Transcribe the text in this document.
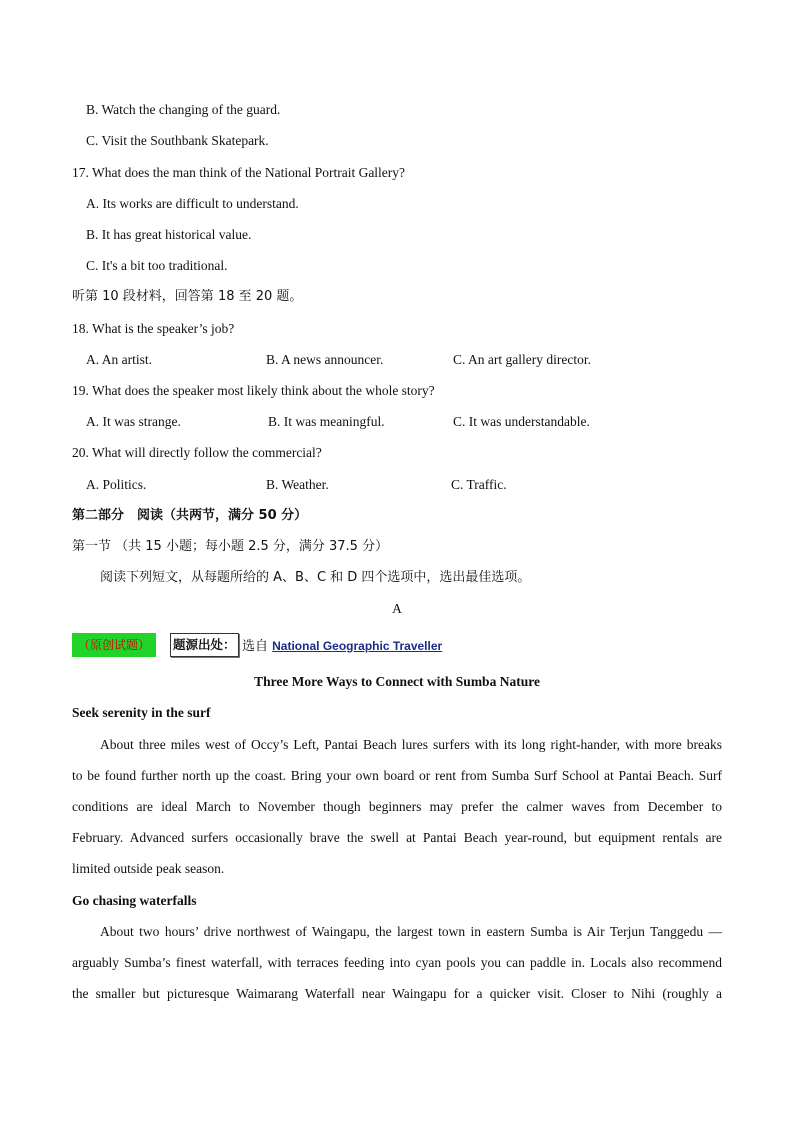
B. Watch the changing of the guard.
C. Visit the Southbank Skatepark.
17. What does the man think of the National Portrait Gallery?
A. Its works are difficult to understand.
B. It has great historical value.
C. It's a bit too traditional.
听第 10 段材料，回答第 18 至 20 题。
18. What is the speaker’s job?
A. An artist.	B. A news announcer.	C. An art gallery director.
19. What does the speaker most likely think about the whole story?
A. It was strange.	B. It was meaningful.	C. It was understandable.
20. What will directly follow the commercial?
A. Politics.	B. Weather.	C. Traffic.
第二部分　阅读（共两节，满分 50 分）
第一节 （共 15 小题；每小题 2.5 分，满分 37.5 分）
阅读下列短文，从每题所给的 A、B、C 和 D 四个选项中，选出最佳选项。
A
（原创试题）	题源出处： 选自 National Geographic Traveller
Three More Ways to Connect with Sumba Nature
Seek serenity in the surf
About three miles west of Occy’s Left, Pantai Beach lures surfers with its long right-hander, with more breaks
to be found further north up the coast. Bring your own board or rent from Sumba Surf School at Pantai Beach. Surf
conditions are ideal March to November though beginners may prefer the calmer waves from December to
February. Advanced surfers occasionally brave the swell at Pantai Beach year-round, but equipment rentals are
limited outside peak season.
Go chasing waterfalls
About two hours’ drive northwest of Waingapu, the largest town in eastern Sumba is Air Terjun Tanggedu —
arguably Sumba’s finest waterfall, with terraces feeding into cyan pools you can paddle in. Locals also recommend
the smaller but picturesque Waimarang Waterfall near Waingapu for a quicker visit. Closer to Nihi (roughly a
